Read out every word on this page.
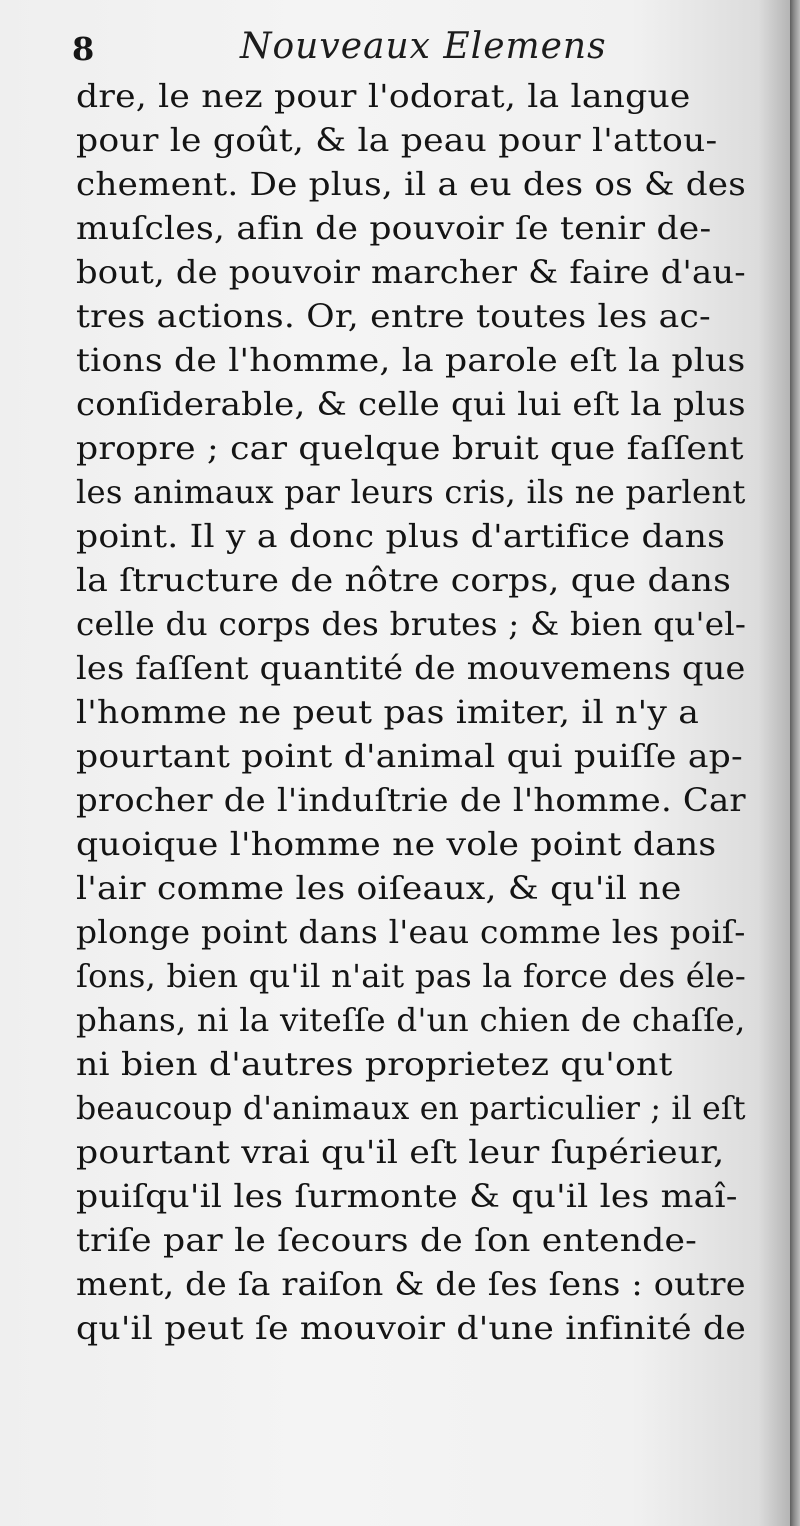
8	Nouveaux Elemens
dre, le nez pour l'odorat, la langue
pour le goût, & la peau pour l'attou-
chement. De plus, il a eu des os & des
muſcles, afin de pouvoir ſe tenir de-
bout, de pouvoir marcher & faire d'au-
tres actions. Or, entre toutes les ac-
tions de l'homme, la parole eſt la plus
conſiderable, & celle qui lui eſt la plus
propre ; car quelque bruit que faſſent
les animaux par leurs cris, ils ne parlent
point. Il y a donc plus d'artifice dans
la ſtructure de nôtre corps, que dans
celle du corps des brutes ; & bien qu'el-
les faſſent quantité de mouvemens que
l'homme ne peut pas imiter, il n'y a
pourtant point d'animal qui puiſſe ap-
procher de l'induſtrie de l'homme. Car
quoique l'homme ne vole point dans
l'air comme les oiſeaux, & qu'il ne
plonge point dans l'eau comme les poiſ-
ſons, bien qu'il n'ait pas la force des éle-
phans, ni la viteſſe d'un chien de chaſſe,
ni bien d'autres proprietez qu'ont
beaucoup d'animaux en particulier ; il eſt
pourtant vrai qu'il eſt leur ſupérieur,
puiſqu'il les ſurmonte & qu'il les maî-
triſe par le ſecours de ſon entende-
ment, de ſa raiſon & de ſes ſens : outre
qu'il peut ſe mouvoir d'une infinité de
